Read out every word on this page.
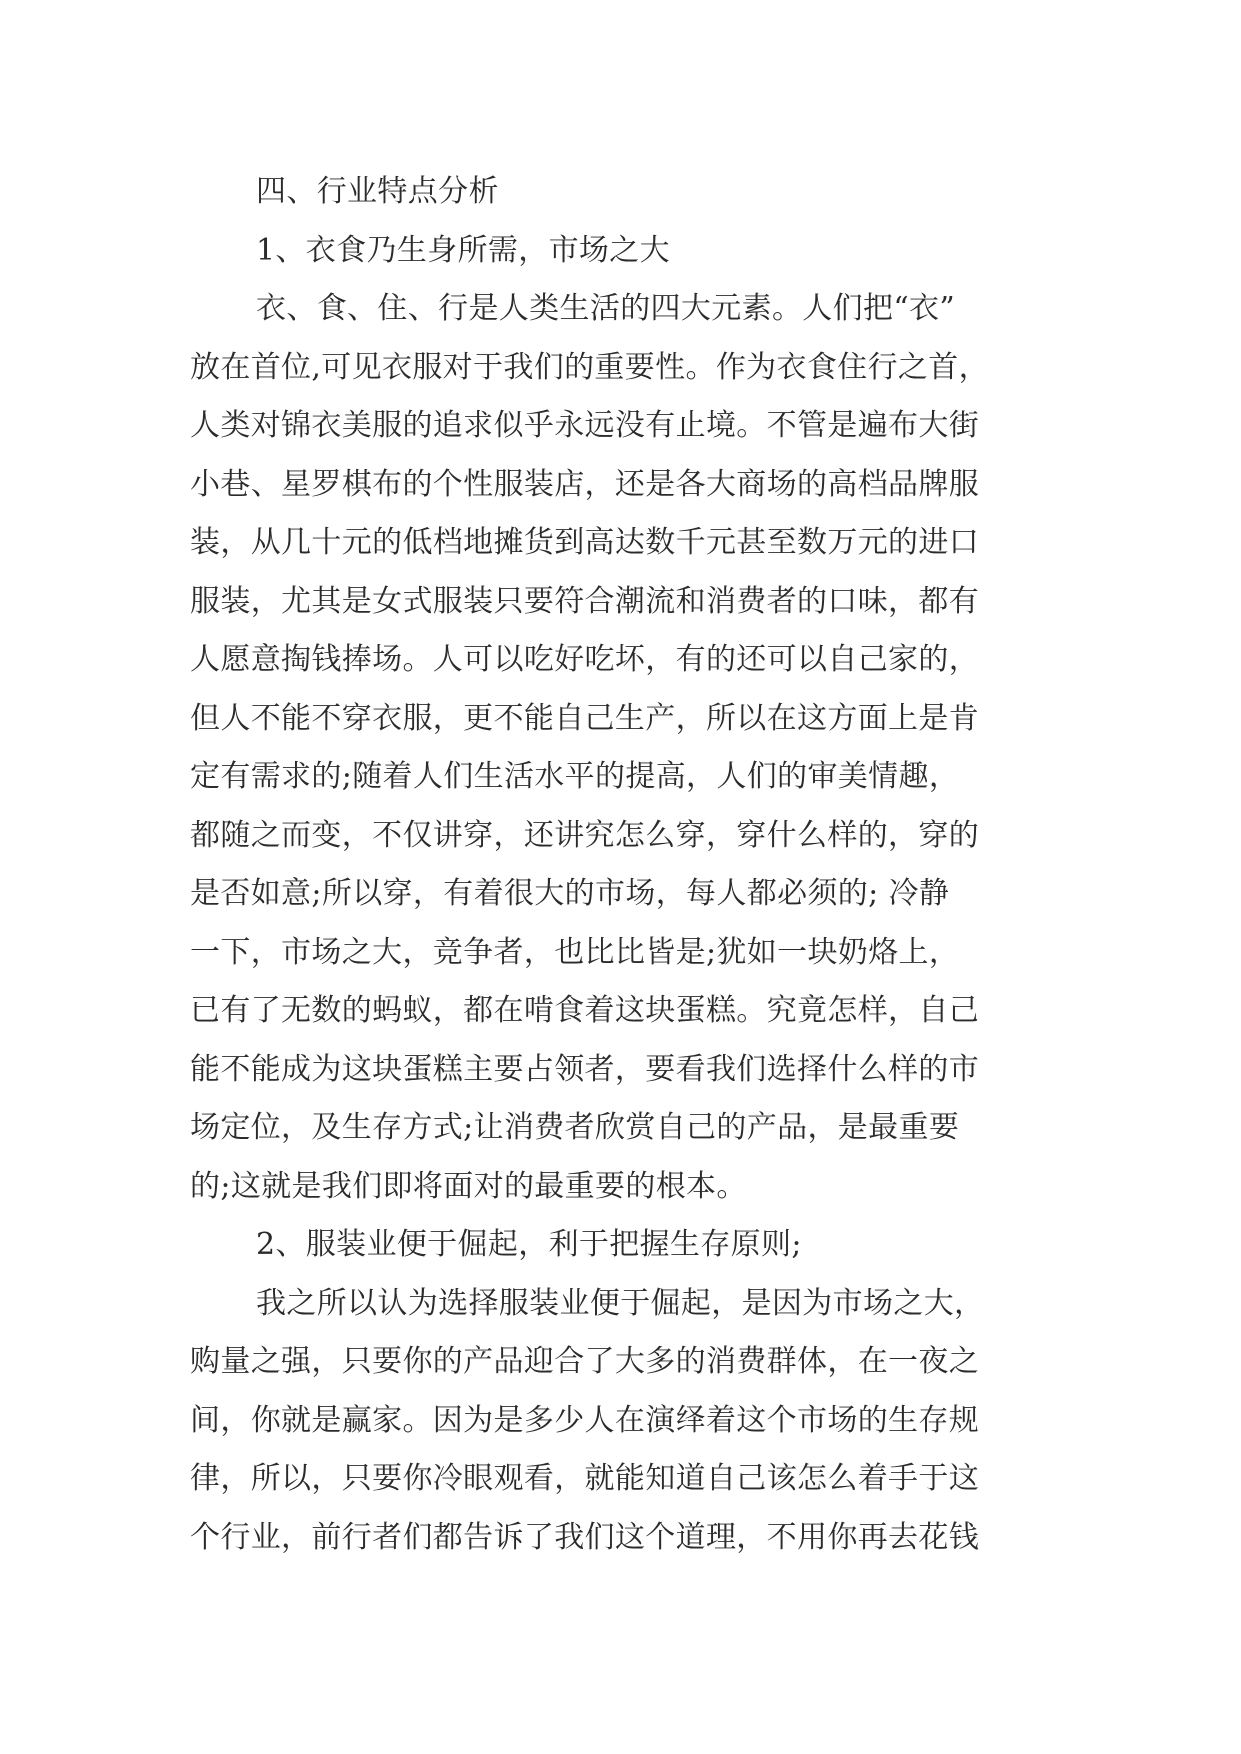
四、行业特点分析
1、衣食乃生身所需，市场之大
衣、食、住、行是人类生活的四大元素。人们把“衣”
放在首位,可见衣服对于我们的重要性。作为衣食住行之首，
人类对锦衣美服的追求似乎永远没有止境。不管是遍布大街
小巷、星罗棋布的个性服装店，还是各大商场的高档品牌服
装，从几十元的低档地摊货到高达数千元甚至数万元的进口
服装，尤其是女式服装只要符合潮流和消费者的口味，都有
人愿意掏钱捧场。人可以吃好吃坏，有的还可以自己家的，
但人不能不穿衣服，更不能自己生产，所以在这方面上是肯
定有需求的;随着人们生活水平的提高，人们的审美情趣，
都随之而变，不仅讲穿，还讲究怎么穿，穿什么样的，穿的
是否如意;所以穿，有着很大的市场，每人都必须的; 冷静
一下，市场之大，竞争者，也比比皆是;犹如一块奶烙上，
已有了无数的蚂蚁，都在啃食着这块蛋糕。究竟怎样，自己
能不能成为这块蛋糕主要占领者，要看我们选择什么样的市
场定位，及生存方式;让消费者欣赏自己的产品，是最重要
的;这就是我们即将面对的最重要的根本。
2、服装业便于倔起，利于把握生存原则;
我之所以认为选择服装业便于倔起，是因为市场之大，
购量之强，只要你的产品迎合了大多的消费群体，在一夜之
间，你就是赢家。因为是多少人在演绎着这个市场的生存规
律，所以，只要你冷眼观看，就能知道自己该怎么着手于这
个行业，前行者们都告诉了我们这个道理，不用你再去花钱
